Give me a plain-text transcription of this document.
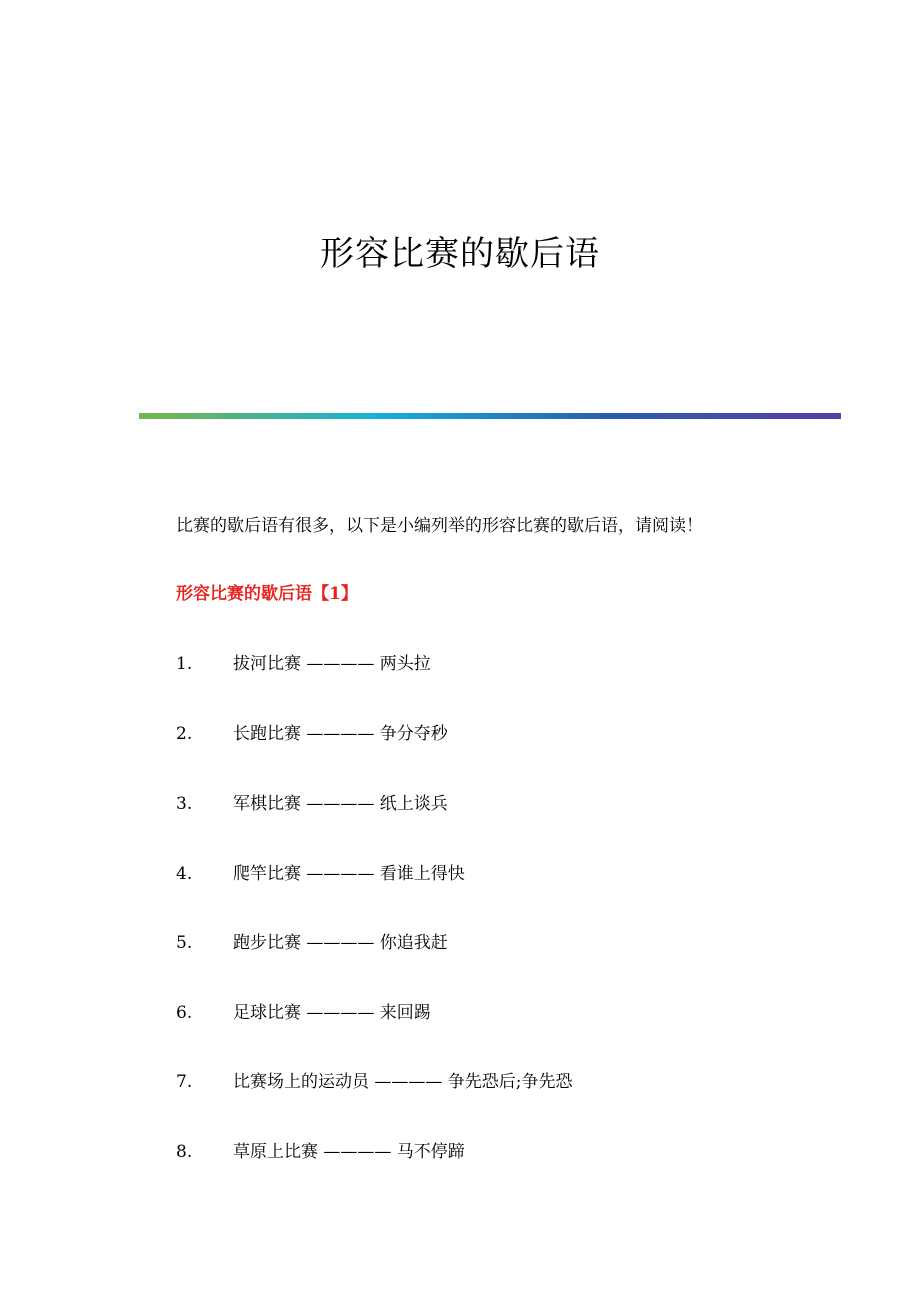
形容比赛的歇后语

比赛的歇后语有很多，以下是小编列举的形容比赛的歇后语，请阅读！

形容比赛的歇后语【1】
1. 拔河比赛 ———— 两头拉
2. 长跑比赛 ———— 争分夺秒
3. 军棋比赛 ———— 纸上谈兵
4. 爬竿比赛 ———— 看谁上得快
5. 跑步比赛 ———— 你追我赶
6. 足球比赛 ———— 来回踢
7. 比赛场上的运动员 ———— 争先恐后;争先恐
8. 草原上比赛 ———— 马不停蹄
